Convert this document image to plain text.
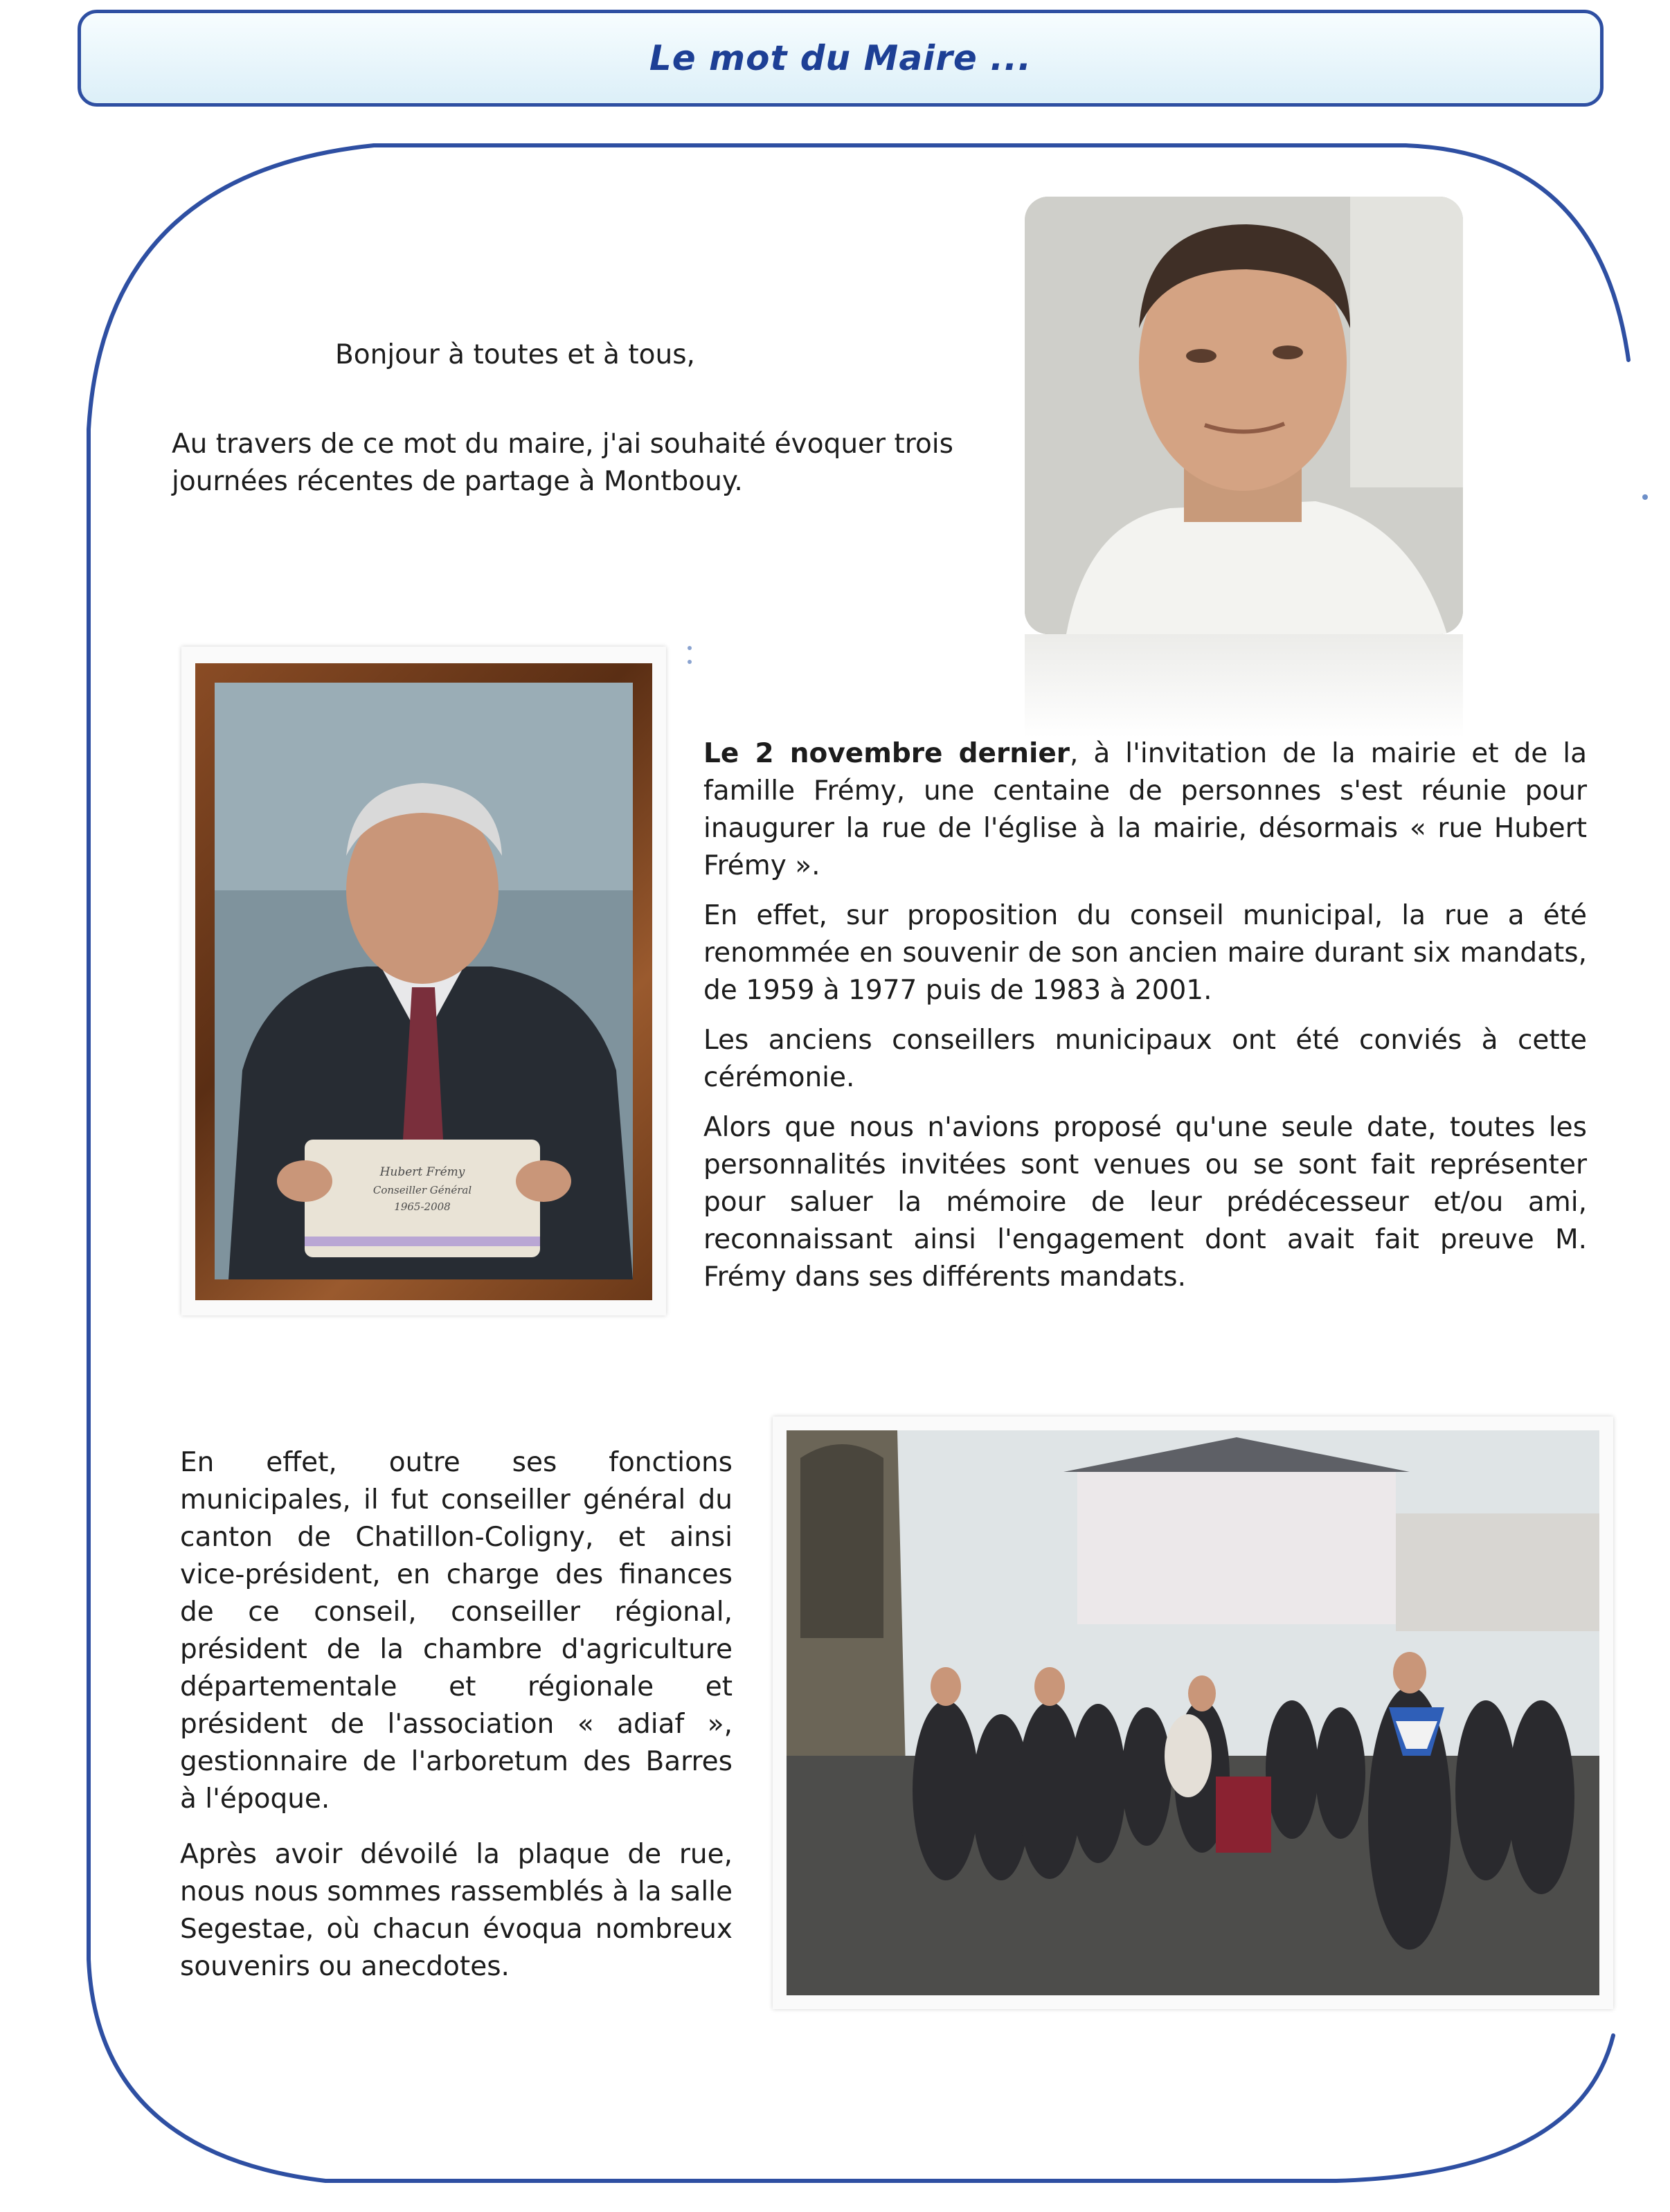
Le mot du Maire ...
Bonjour à toutes et à tous,
Au travers de ce mot du maire, j'ai souhaité évoquer trois journées récentes de partage à Montbouy.
Hubert Frémy
Conseiller Général
1965-2008

Le 2 novembre dernier, à l'invitation de la mairie et de la famille Frémy, une centaine de personnes s'est réunie pour inaugurer la rue de l'église à la mairie, désormais « rue Hubert Frémy ».

En effet, sur proposition du conseil municipal, la rue a été renommée en souvenir de son ancien maire durant six mandats, de 1959 à 1977 puis de 1983 à 2001.

Les anciens conseillers municipaux ont été conviés à cette cérémonie.

Alors que nous n'avions proposé qu'une seule date, toutes les personnalités invitées sont venues ou se sont fait représenter pour saluer la mémoire de leur prédécesseur et/ou ami, reconnaissant ainsi l'engagement dont avait fait preuve M. Frémy dans ses différents mandats.

En effet, outre ses fonctions municipales, il fut conseiller général du canton de Chatillon-Coligny, et ainsi vice-président, en charge des finances de ce conseil, conseiller régional, président de la chambre d'agriculture départementale et régionale et président de l'association « adiaf », gestionnaire de l'arboretum des Barres à l'époque.

Après avoir dévoilé la plaque de rue, nous nous sommes rassemblés à la salle Segestae, où chacun évoqua nombreux souvenirs ou anecdotes.
